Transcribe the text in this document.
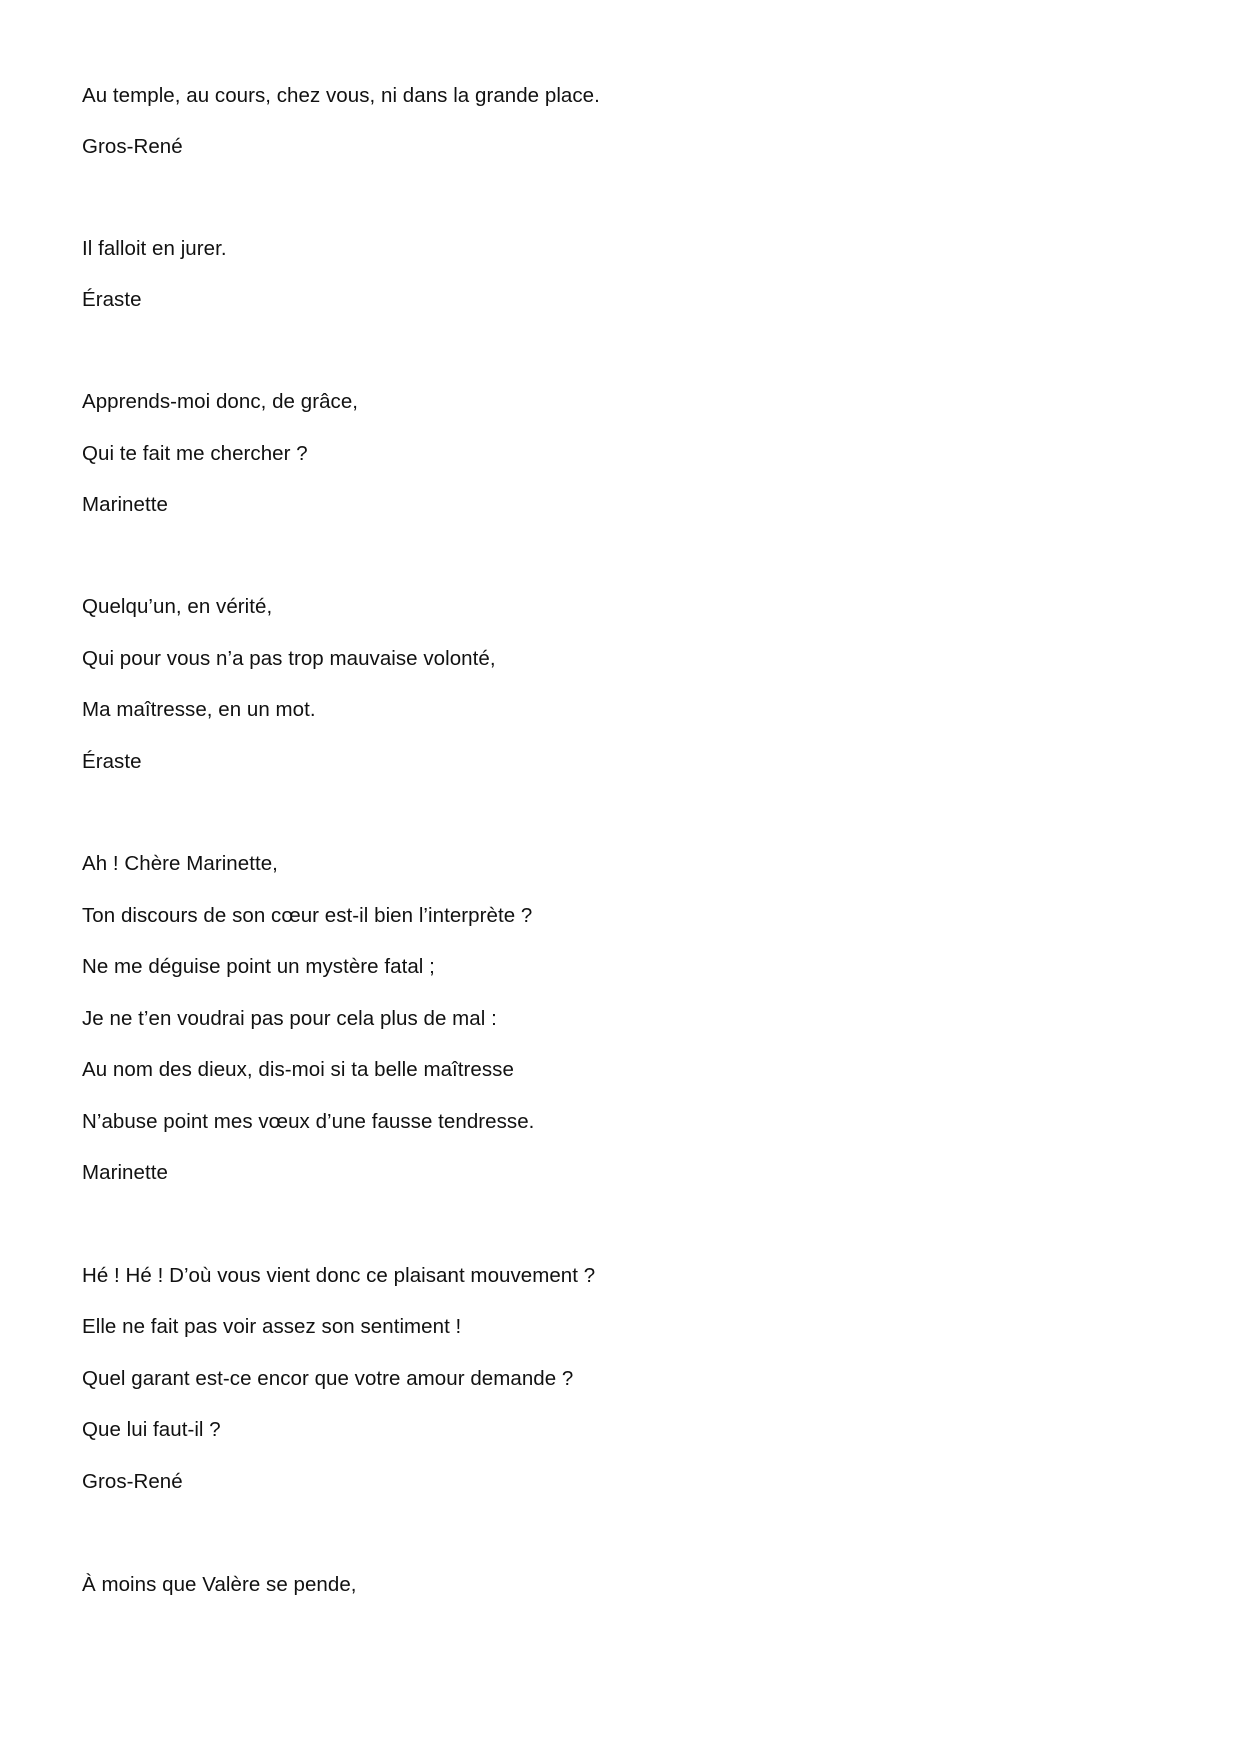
Au temple, au cours, chez vous, ni dans la grande place.
Gros-René
Il falloit en jurer.
Éraste
Apprends-moi donc, de grâce,
Qui te fait me chercher ?
Marinette
Quelqu’un, en vérité,
Qui pour vous n’a pas trop mauvaise volonté,
Ma maîtresse, en un mot.
Éraste
Ah ! Chère Marinette,
Ton discours de son cœur est-il bien l’interprète ?
Ne me déguise point un mystère fatal ;
Je ne t’en voudrai pas pour cela plus de mal :
Au nom des dieux, dis-moi si ta belle maîtresse
N’abuse point mes vœux d’une fausse tendresse.
Marinette
Hé ! Hé ! D’où vous vient donc ce plaisant mouvement ?
Elle ne fait pas voir assez son sentiment !
Quel garant est-ce encor que votre amour demande ?
Que lui faut-il ?
Gros-René
À moins que Valère se pende,
